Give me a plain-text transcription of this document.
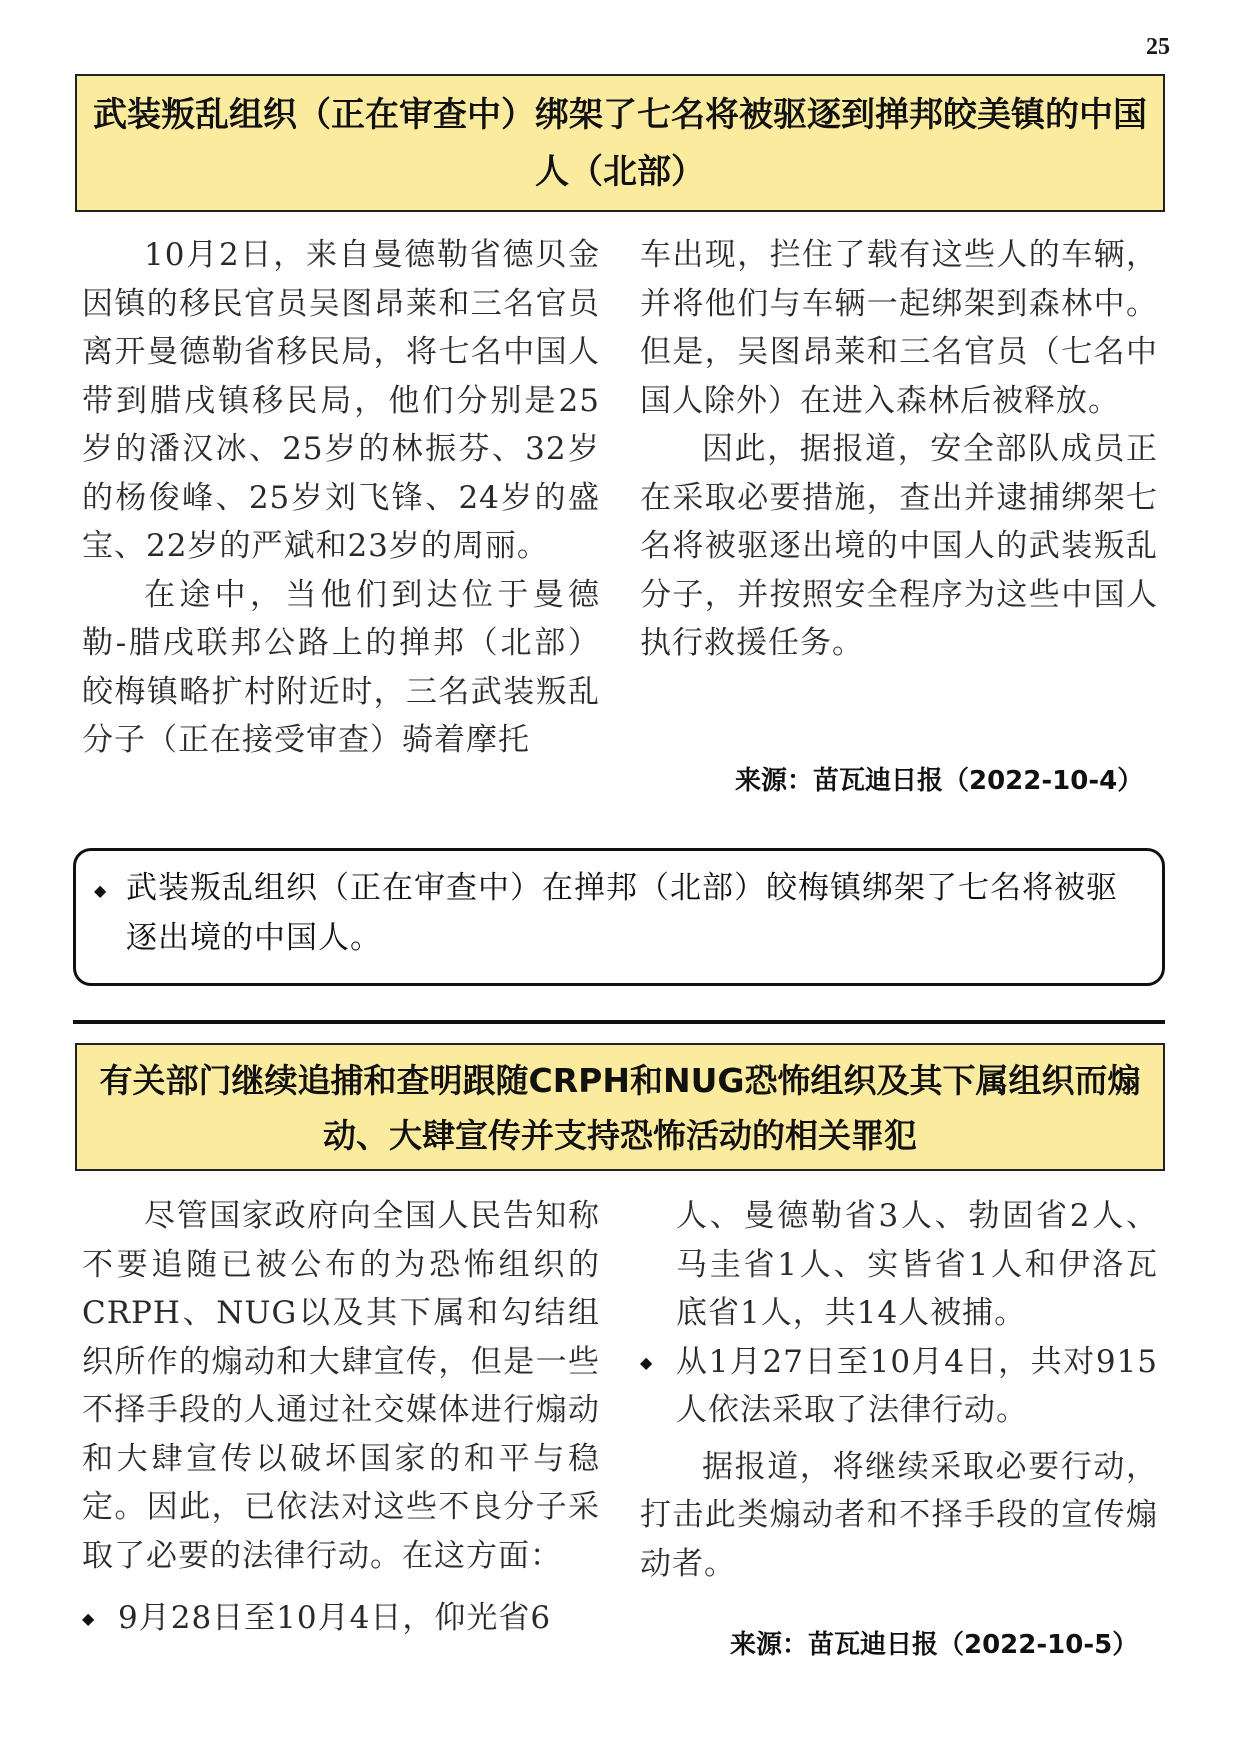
25
武装叛乱组织（正在审查中）绑架了七名将被驱逐到掸邦皎美镇的中国人（北部）

10月2日，来自曼德勒省德贝金因镇的移民官员吴图昂莱和三名官员离开曼德勒省移民局，将七名中国人带到腊戌镇移民局，他们分别是25岁的潘汉冰、25岁的林振芬、32岁的杨俊峰、25岁刘飞锋、24岁的盛宝、22岁的严斌和23岁的周丽。

在途中，当他们到达位于曼德勒-腊戌联邦公路上的掸邦（北部）皎梅镇略扩村附近时，三名武装叛乱分子（正在接受审查）骑着摩托

车出现，拦住了载有这些人的车辆，并将他们与车辆一起绑架到森林中。但是，吴图昂莱和三名官员（七名中国人除外）在进入森林后被释放。

因此，据报道，安全部队成员正在采取必要措施，查出并逮捕绑架七名将被驱逐出境的中国人的武装叛乱分子，并按照安全程序为这些中国人执行救援任务。

来源：苗瓦迪日报（2022-10-4）
◆ 武装叛乱组织（正在审查中）在掸邦（北部）皎梅镇绑架了七名将被驱逐出境的中国人。
有关部门继续追捕和查明跟随CRPH和NUG恐怖组织及其下属组织而煽动、大肆宣传并支持恐怖活动的相关罪犯

尽管国家政府向全国人民告知称不要追随已被公布的为恐怖组织的CRPH、NUG以及其下属和勾结组织所作的煽动和大肆宣传，但是一些不择手段的人通过社交媒体进行煽动和大肆宣传以破坏国家的和平与稳定。因此，已依法对这些不良分子采取了必要的法律行动。在这方面：

◆ 9月28日至10月4日，仰光省6

人、曼德勒省3人、勃固省2人、马圭省1人、实皆省1人和伊洛瓦底省1人，共14人被捕。

◆ 从1月27日至10月4日，共对915人依法采取了法律行动。

据报道，将继续采取必要行动，打击此类煽动者和不择手段的宣传煽动者。

来源：苗瓦迪日报（2022-10-5）
